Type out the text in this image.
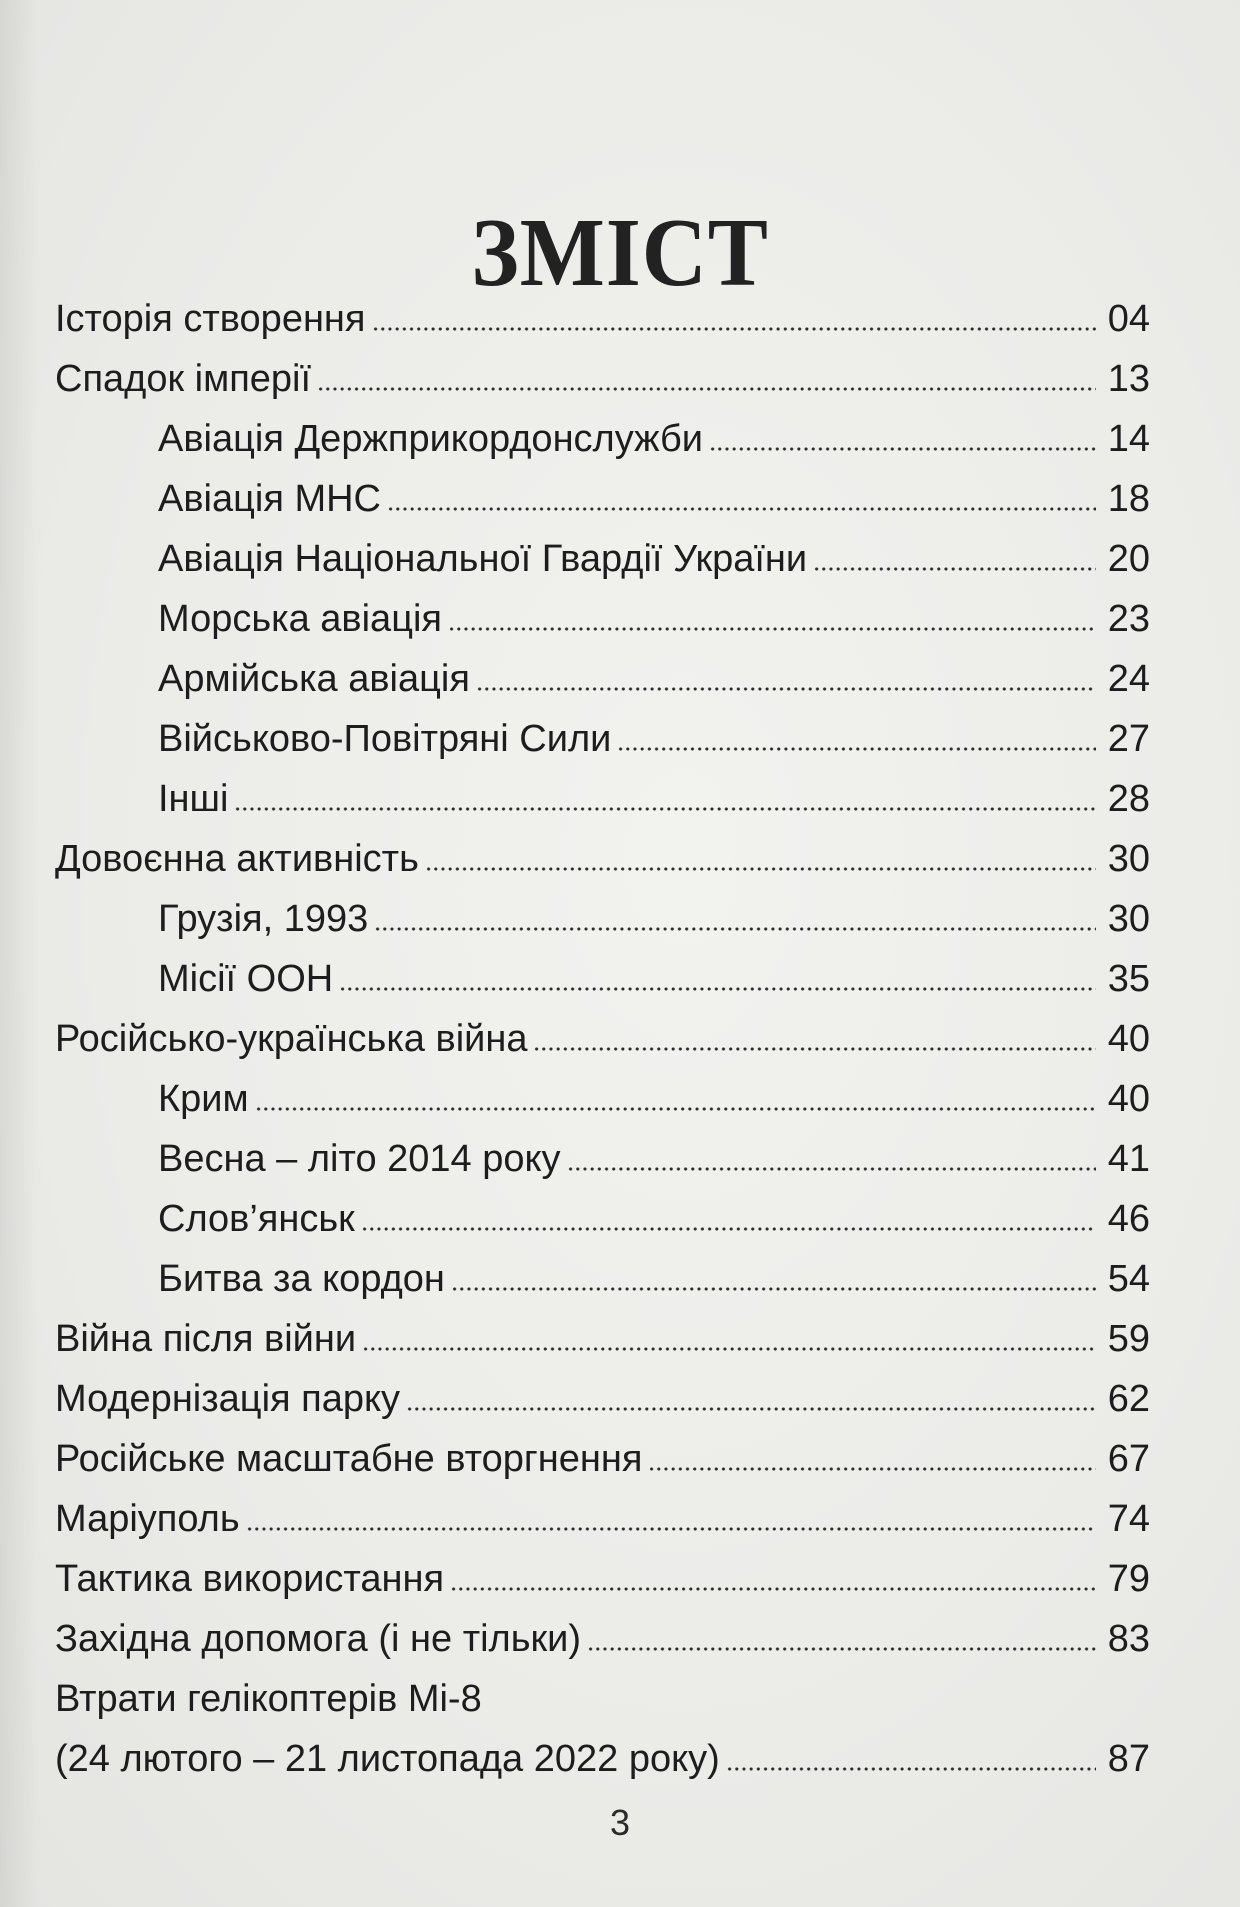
ЗМІСТ
Історія створення	04
Спадок імперії	13
Авіація Держприкордонслужби	14
Авіація МНС	18
Авіація Національної Гвардії України	20
Морська авіація	23
Армійська авіація	24
Військово-Повітряні Сили	27
Інші	28
Довоєнна активність	30
Грузія, 1993	30
Місії ООН	35
Російсько-українська війна	40
Крим	40
Весна – літо 2014 року	41
Слов’янськ	46
Битва за кордон	54
Війна після війни	59
Модернізація парку	62
Російське масштабне вторгнення	67
Маріуполь	74
Тактика використання	79
Західна допомога (і не тільки)	83
Втрати гелікоптерів Мі-8
(24 лютого – 21 листопада 2022 року)	87
3
